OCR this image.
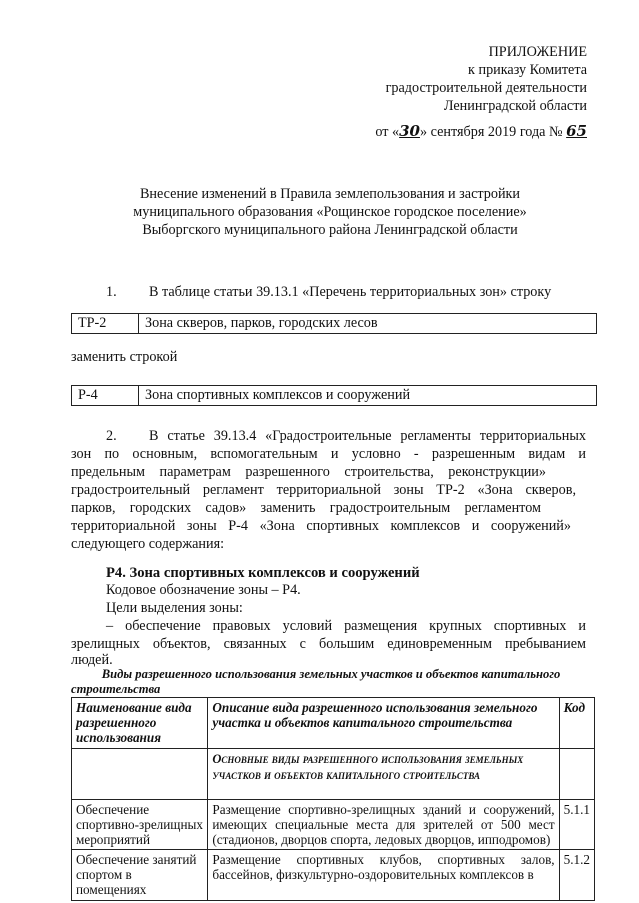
ПРИЛОЖЕНИЕ
к приказу Комитета
градостроительной деятельности
Ленинградской области
от «30» сентября 2019 года № 65
Внесение изменений в Правила землепользования и застройки
муниципального образования «Рощинское городское поселение»
Выборгского муниципального района Ленинградской области
1. В таблице статьи 39.13.1 «Перечень территориальных зон» строку
ТР-2	Зона скверов, парков, городских лесов
заменить строкой
Р-4	Зона спортивных комплексов и сооружений
2. В статье 39.13.4 «Градостроительные регламенты территориальных
зон по основным, вспомогательным и условно - разрешенным видам и
предельным параметрам разрешенного строительства, реконструкции»
градостроительный регламент территориальной зоны ТР-2 «Зона скверов,
парков, городских садов» заменить градостроительным регламентом
территориальной зоны Р-4 «Зона спортивных комплексов и сооружений»
следующего содержания:
Р4. Зона спортивных комплексов и сооружений
Кодовое обозначение зоны – Р4.
Цели выделения зоны:
– обеспечение правовых условий размещения крупных спортивных и
зрелищных объектов, связанных с большим единовременным пребыванием
людей.
Виды разрешенного использования земельных участков и объектов капитального
строительства
Наименование вида разрешенного использования	Описание вида разрешенного использования земельного участка и объектов капитального строительства	Код
	Основные виды разрешенного использования земельных участков и объектов капитального строительства	
Обеспечение спортивно-зрелищных мероприятий	Размещение спортивно-зрелищных зданий и сооружений, имеющих специальные места для зрителей от 500 мест (стадионов, дворцов спорта, ледовых дворцов, ипподромов)	5.1.1
Обеспечение занятий спортом в помещениях	Размещение спортивных клубов, спортивных залов, бассейнов, физкультурно-оздоровительных комплексов в	5.1.2
